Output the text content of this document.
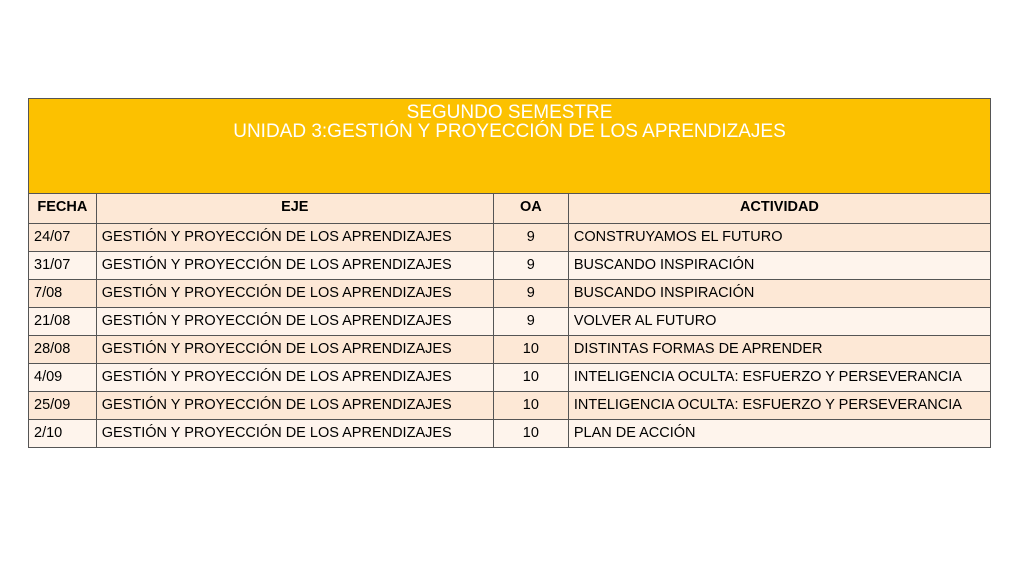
SEGUNDO SEMESTRE
UNIDAD 3:GESTIÓN Y PROYECCIÓN DE LOS APRENDIZAJES			

FECHA	EJE	OA	ACTIVIDAD
24/07	GESTIÓN Y PROYECCIÓN DE LOS APRENDIZAJES	9	CONSTRUYAMOS EL FUTURO
31/07	GESTIÓN Y PROYECCIÓN DE LOS APRENDIZAJES	9	BUSCANDO INSPIRACIÓN
7/08	GESTIÓN Y PROYECCIÓN DE LOS APRENDIZAJES	9	BUSCANDO INSPIRACIÓN
21/08	GESTIÓN Y PROYECCIÓN DE LOS APRENDIZAJES	9	VOLVER AL FUTURO
28/08	GESTIÓN Y PROYECCIÓN DE LOS APRENDIZAJES	10	DISTINTAS FORMAS DE APRENDER
4/09	GESTIÓN Y PROYECCIÓN DE LOS APRENDIZAJES	10	INTELIGENCIA OCULTA: ESFUERZO Y PERSEVERANCIA
25/09	GESTIÓN Y PROYECCIÓN DE LOS APRENDIZAJES	10	INTELIGENCIA OCULTA: ESFUERZO Y PERSEVERANCIA
2/10	GESTIÓN Y PROYECCIÓN DE LOS APRENDIZAJES	10	PLAN DE ACCIÓN
